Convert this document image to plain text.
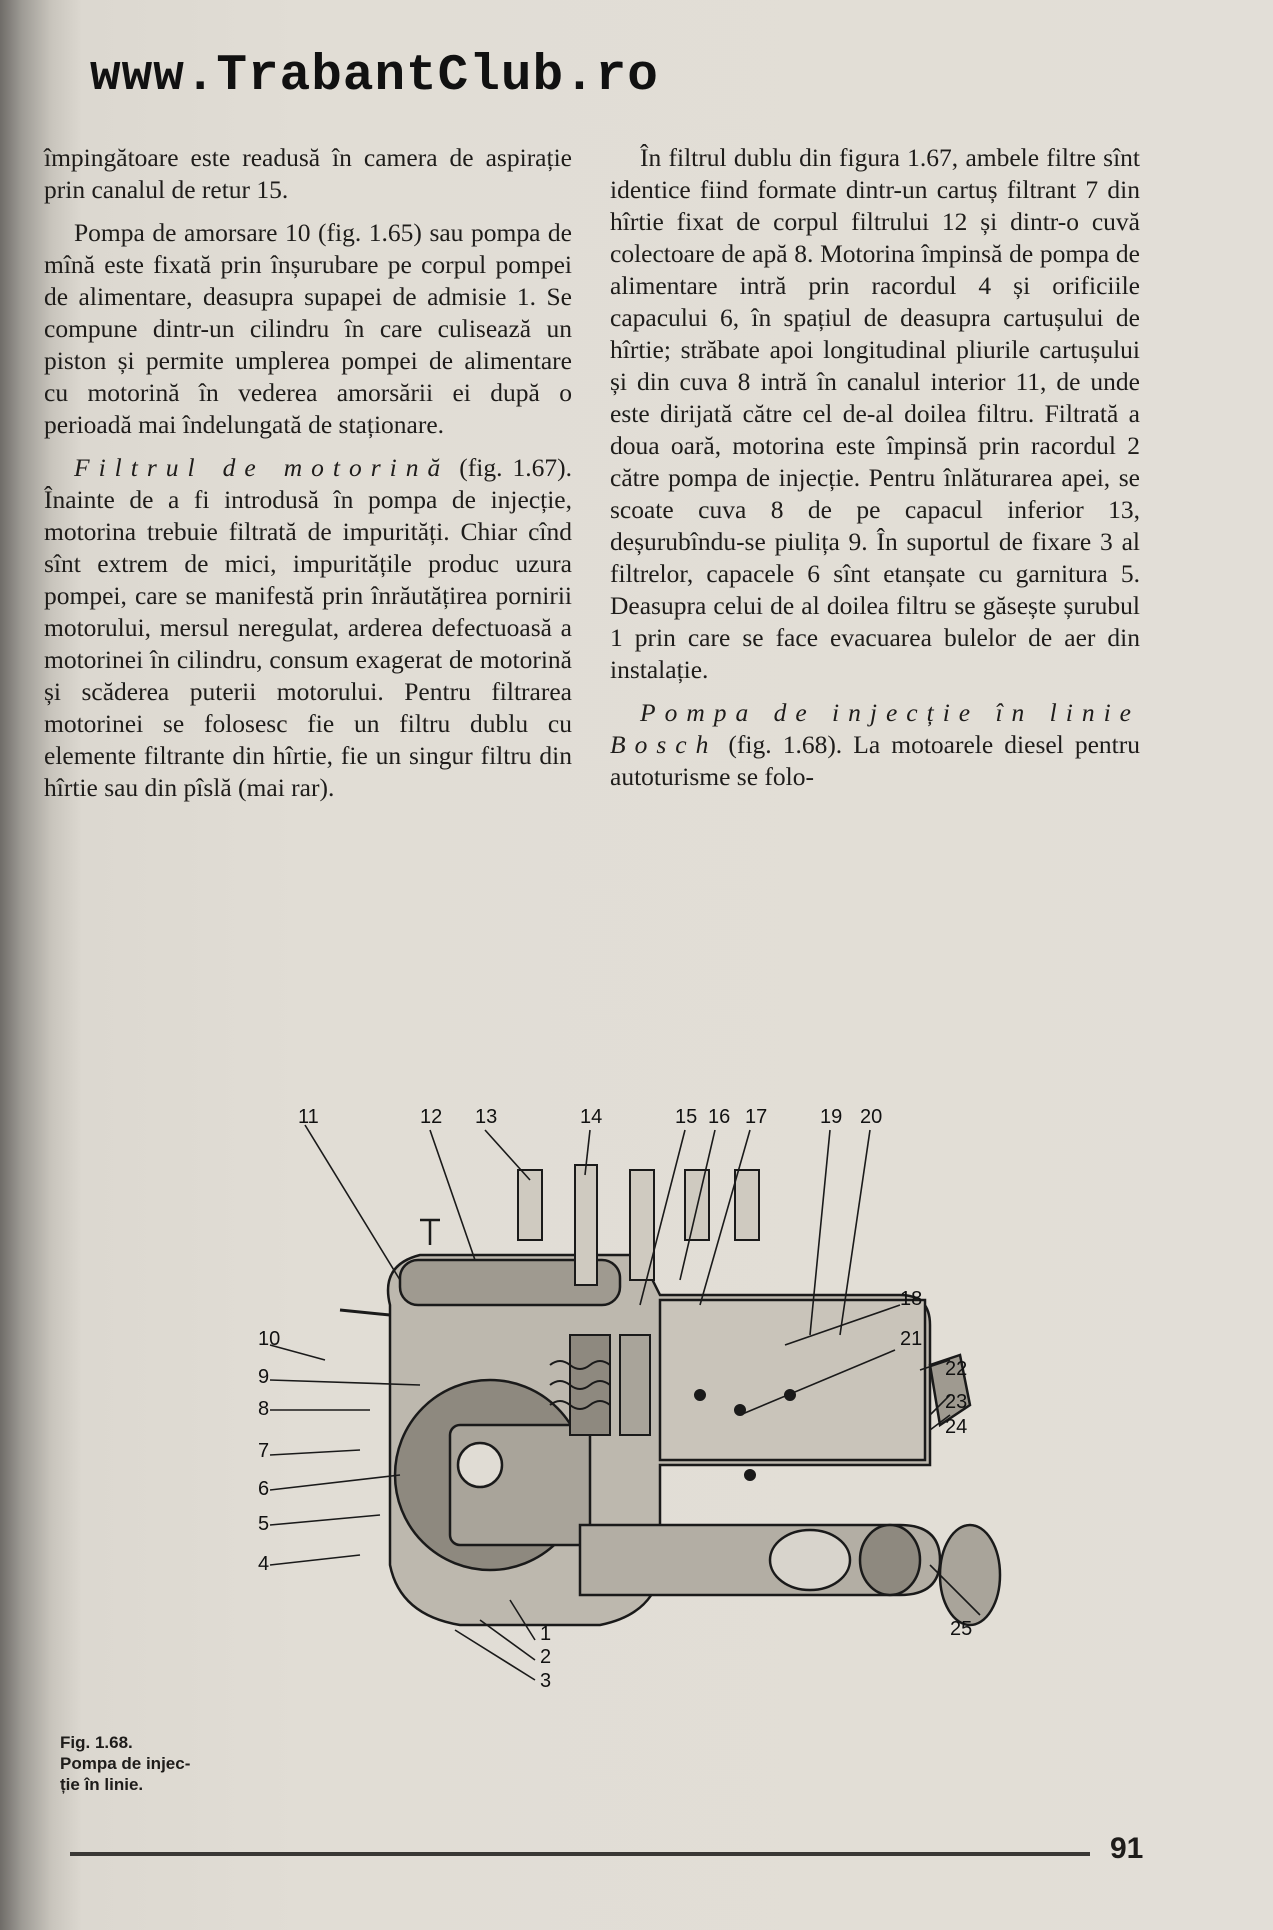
www.TrabantClub.ro

împingătoare este readusă în camera de aspirație prin canalul de retur 15.

Pompa de amorsare 10 (fig. 1.65) sau pompa de mînă este fixată prin înșurubare pe corpul pompei de alimentare, deasupra supapei de admisie 1. Se compune dintr-un cilindru în care culisează un piston și permite umplerea pompei de alimentare cu motorină în vederea amorsării ei după o perioadă mai îndelungată de staționare.

Filtrul de motorină (fig. 1.67). Înainte de a fi introdusă în pompa de injecție, motorina trebuie filtrată de impurități. Chiar cînd sînt extrem de mici, impuritățile produc uzura pompei, care se manifestă prin înrăutățirea pornirii motorului, mersul neregulat, arderea defectuoasă a motorinei în cilindru, consum exagerat de motorină și scăderea puterii motorului. Pentru filtrarea motorinei se folosesc fie un filtru dublu cu elemente filtrante din hîrtie, fie un singur filtru din hîrtie sau din pîslă (mai rar).

În filtrul dublu din figura 1.67, ambele filtre sînt identice fiind formate dintr-un cartuș filtrant 7 din hîrtie fixat de corpul filtrului 12 și dintr-o cuvă colectoare de apă 8. Motorina împinsă de pompa de alimentare intră prin racordul 4 și orificiile capacului 6, în spațiul de deasupra cartușului de hîrtie; străbate apoi longitudinal pliurile cartușului și din cuva 8 intră în canalul interior 11, de unde este dirijată către cel de-al doilea filtru. Filtrată a doua oară, motorina este împinsă prin racordul 2 către pompa de injecție. Pentru înlăturarea apei, se scoate cuva 8 de pe capacul inferior 13, deșurubîndu-se piulița 9. În suportul de fixare 3 al filtrelor, capacele 6 sînt etanșate cu garnitura 5. Deasupra celui de al doilea filtru se găsește șurubul 1 prin care se face evacuarea bulelor de aer din instalație.

Pompa de injecție în linie Bosch (fig. 1.68). La motoarele diesel pentru autoturisme se folo-

11	12 13	14	15 16 17	19 20
18
21
22
23
24
10
9
8
7
6
5
4
1
2
3
25
Fig. 1.68.
Pompa de injec-
ție în linie.
91
